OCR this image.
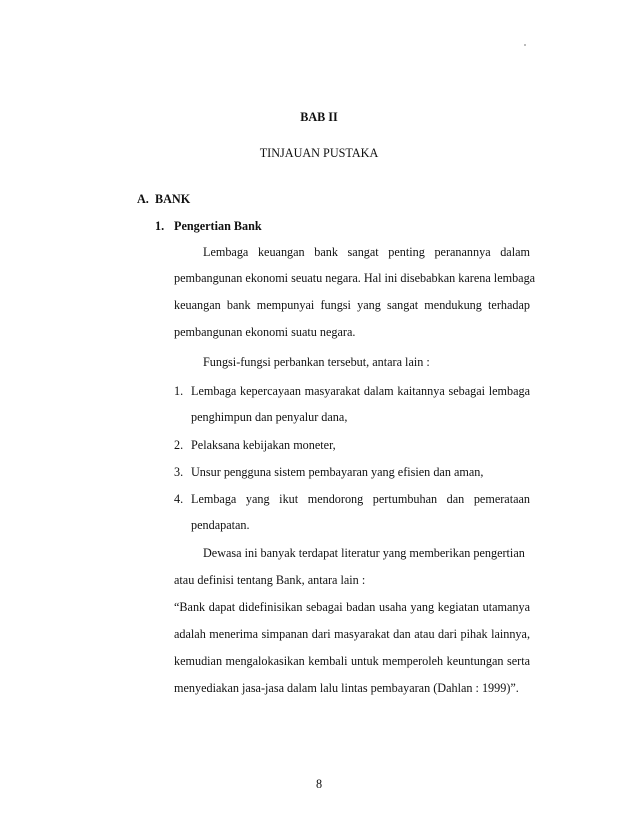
BAB II
TINJAUAN PUSTAKA
A. BANK
1. Pengertian Bank
Lembaga keuangan bank sangat penting peranannya dalam
pembangunan ekonomi seuatu negara. Hal ini disebabkan karena lembaga
keuangan bank mempunyai fungsi yang sangat mendukung terhadap
pembangunan ekonomi suatu negara.
Fungsi-fungsi perbankan tersebut, antara lain :
1. Lembaga kepercayaan masyarakat dalam kaitannya sebagai lembaga
penghimpun dan penyalur dana,
2. Pelaksana kebijakan moneter,
3. Unsur pengguna sistem pembayaran yang efisien dan aman,
4. Lembaga yang ikut mendorong pertumbuhan dan pemerataan
pendapatan.
Dewasa ini banyak terdapat literatur yang memberikan pengertian
atau definisi tentang Bank, antara lain :
“Bank dapat didefinisikan sebagai badan usaha yang kegiatan utamanya
adalah menerima simpanan dari masyarakat dan atau dari pihak lainnya,
kemudian mengalokasikan kembali untuk memperoleh keuntungan serta
menyediakan jasa-jasa dalam lalu lintas pembayaran (Dahlan : 1999)”.
8
